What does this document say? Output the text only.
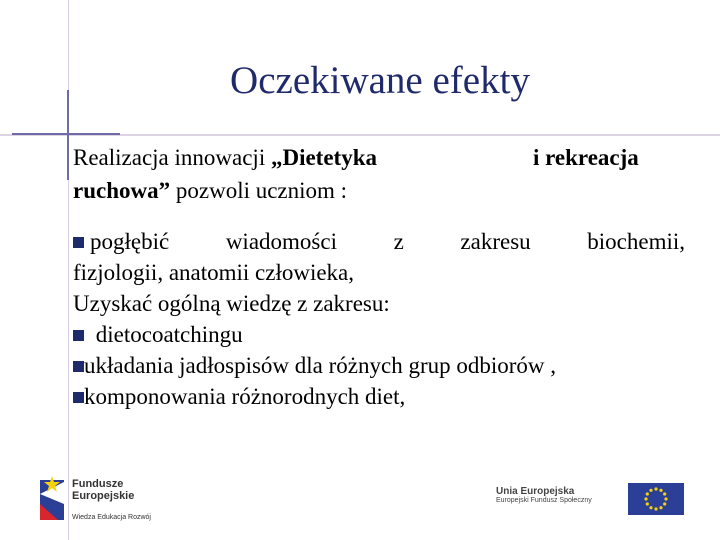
Oczekiwane efekty
Realizacja innowacji „Dietetyka	i rekreacja
ruchowa” pozwoli uczniom :
pogłębić wiadomości z zakresu biochemii,
fizjologii, anatomii człowieka,
Uzyskać ogólną wiedzę z zakresu:
dietocoatchingu
układania jadłospisów dla różnych grup odbiorów ,
komponowania różnorodnych diet,
Fundusze
Europejskie
Wiedza Edukacja Rozwój
Unia Europejska
Europejski Fundusz Społeczny
